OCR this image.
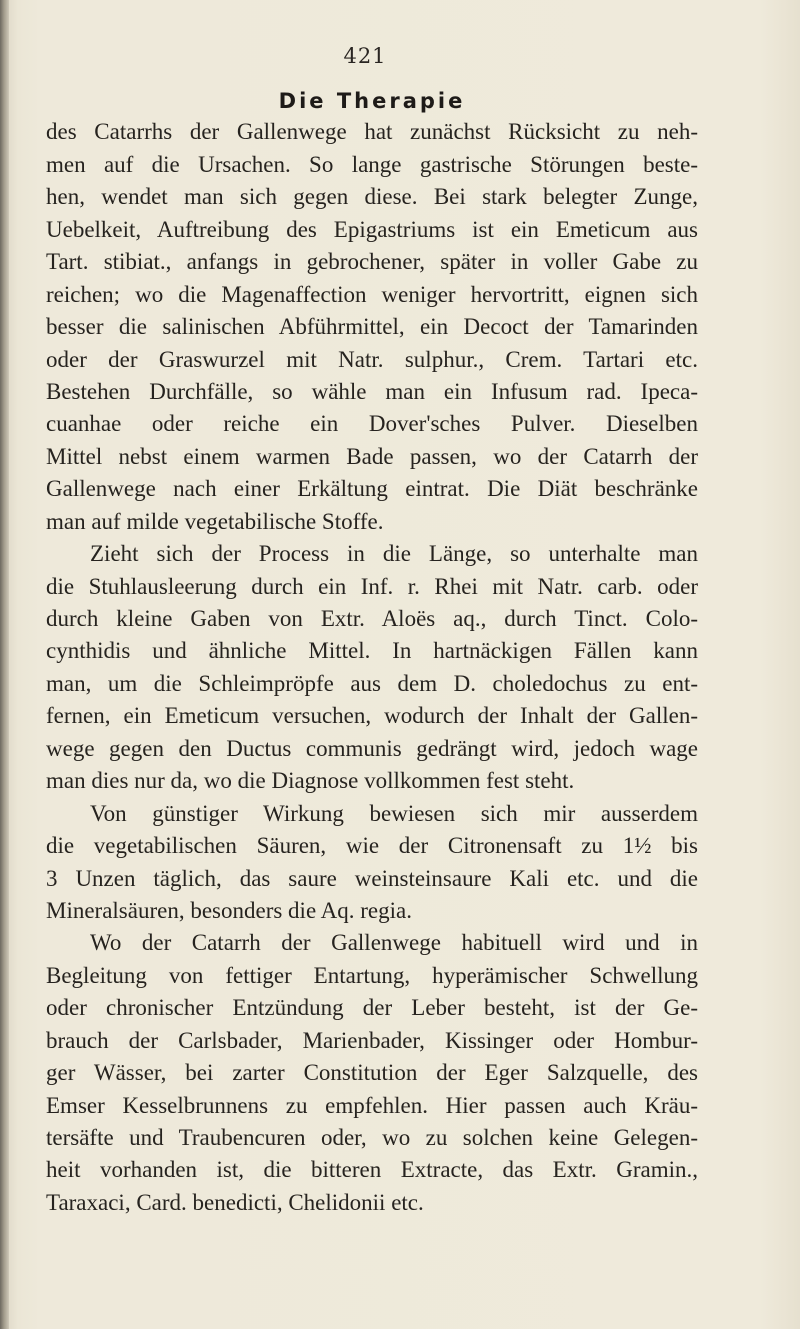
421
Die Therapie
des Catarrhs der Gallenwege hat zunächst Rücksicht zu neh-
men auf die Ursachen. So lange gastrische Störungen beste-
hen, wendet man sich gegen diese. Bei stark belegter Zunge,
Uebelkeit, Auftreibung des Epigastriums ist ein Emeticum aus
Tart. stibiat., anfangs in gebrochener, später in voller Gabe zu
reichen; wo die Magenaffection weniger hervortritt, eignen sich
besser die salinischen Abführmittel, ein Decoct der Tamarinden
oder der Graswurzel mit Natr. sulphur., Crem. Tartari etc.
Bestehen Durchfälle, so wähle man ein Infusum rad. Ipeca-
cuanhae oder reiche ein Dover'sches Pulver. Dieselben
Mittel nebst einem warmen Bade passen, wo der Catarrh der
Gallenwege nach einer Erkältung eintrat. Die Diät beschränke
man auf milde vegetabilische Stoffe.
Zieht sich der Process in die Länge, so unterhalte man
die Stuhlausleerung durch ein Inf. r. Rhei mit Natr. carb. oder
durch kleine Gaben von Extr. Aloës aq., durch Tinct. Colo-
cynthidis und ähnliche Mittel. In hartnäckigen Fällen kann
man, um die Schleimpröpfe aus dem D. choledochus zu ent-
fernen, ein Emeticum versuchen, wodurch der Inhalt der Gallen-
wege gegen den Ductus communis gedrängt wird, jedoch wage
man dies nur da, wo die Diagnose vollkommen fest steht.
Von günstiger Wirkung bewiesen sich mir ausserdem
die vegetabilischen Säuren, wie der Citronensaft zu 1½ bis
3 Unzen täglich, das saure weinsteinsaure Kali etc. und die
Mineralsäuren, besonders die Aq. regia.
Wo der Catarrh der Gallenwege habituell wird und in
Begleitung von fettiger Entartung, hyperämischer Schwellung
oder chronischer Entzündung der Leber besteht, ist der Ge-
brauch der Carlsbader, Marienbader, Kissinger oder Hombur-
ger Wässer, bei zarter Constitution der Eger Salzquelle, des
Emser Kesselbrunnens zu empfehlen. Hier passen auch Kräu-
tersäfte und Traubencuren oder, wo zu solchen keine Gelegen-
heit vorhanden ist, die bitteren Extracte, das Extr. Gramin.,
Taraxaci, Card. benedicti, Chelidonii etc.
